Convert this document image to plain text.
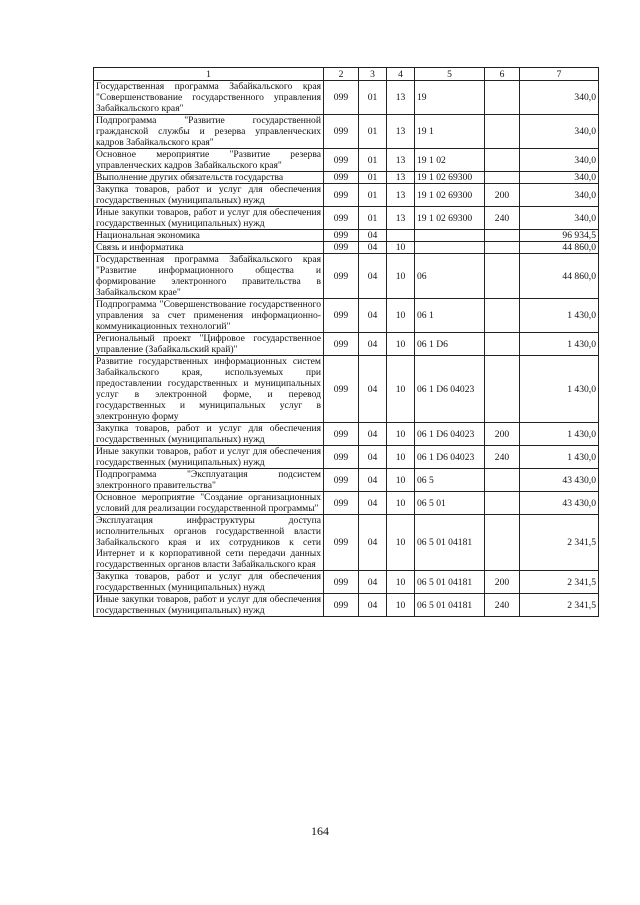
1	2	3	4	5	6	7
Государственная программа Забайкальского края "Совершенствование государственного управления Забайкальского края"	099	01	13	19		340,0
Подпрограмма "Развитие государственной гражданской службы и резерва управленческих кадров Забайкальского края"	099	01	13	19 1		340,0
Основное мероприятие "Развитие резерва управленческих кадров Забайкальского края"	099	01	13	19 1 02		340,0
Выполнение других обязательств государства	099	01	13	19 1 02 69300		340,0
Закупка товаров, работ и услуг для обеспечения государственных (муниципальных) нужд	099	01	13	19 1 02 69300	200	340,0
Иные закупки товаров, работ и услуг для обеспечения государственных (муниципальных) нужд	099	01	13	19 1 02 69300	240	340,0
Национальная экономика	099	04				96 934,5
Связь и информатика	099	04	10			44 860,0
Государственная программа Забайкальского края "Развитие информационного общества и формирование электронного правительства в Забайкальском крае"	099	04	10	06		44 860,0
Подпрограмма "Совершенствование государственного управления за счет применения информационно-коммуникационных технологий"	099	04	10	06 1		1 430,0
Региональный проект "Цифровое государственное управление (Забайкальский край)"	099	04	10	06 1 D6		1 430,0
Развитие государственных информационных систем Забайкальского края, используемых при предоставлении государственных и муниципальных услуг в электронной форме, и перевод государственных и муниципальных услуг в электронную форму	099	04	10	06 1 D6 04023		1 430,0
Закупка товаров, работ и услуг для обеспечения государственных (муниципальных) нужд	099	04	10	06 1 D6 04023	200	1 430,0
Иные закупки товаров, работ и услуг для обеспечения государственных (муниципальных) нужд	099	04	10	06 1 D6 04023	240	1 430,0
Подпрограмма "Эксплуатация подсистем электронного правительства"	099	04	10	06 5		43 430,0
Основное мероприятие "Создание организационных условий для реализации государственной программы"	099	04	10	06 5 01		43 430,0
Эксплуатация инфраструктуры доступа исполнительных органов государственной власти Забайкальского края и их сотрудников к сети Интернет и к корпоративной сети передачи данных государственных органов власти Забайкальского края	099	04	10	06 5 01 04181		2 341,5
Закупка товаров, работ и услуг для обеспечения государственных (муниципальных) нужд	099	04	10	06 5 01 04181	200	2 341,5
Иные закупки товаров, работ и услуг для обеспечения государственных (муниципальных) нужд	099	04	10	06 5 01 04181	240	2 341,5
164
